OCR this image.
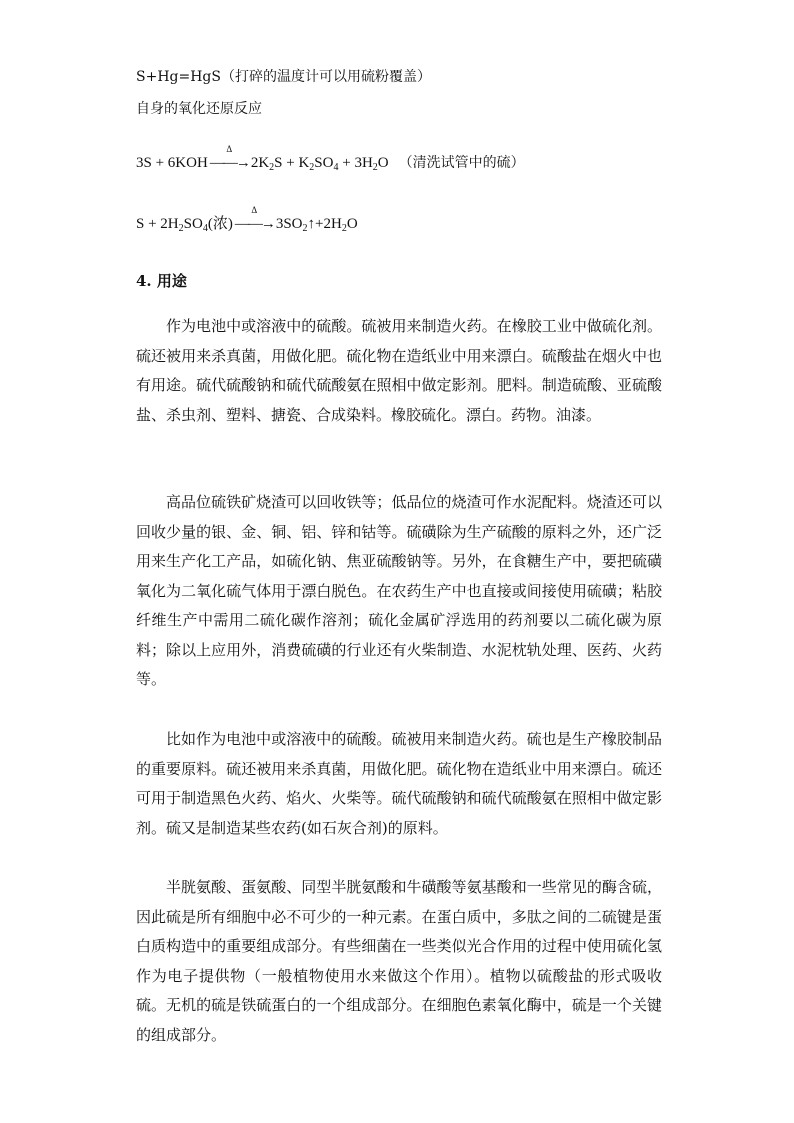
S+Hg=HgS（打碎的温度计可以用硫粉覆盖）
自身的氧化还原反应
3S + 6KOH
Δ
——→ $2K_2S + K_2SO_4 + 3H_2O$ （清洗试管中的硫）
$S + 2H_2SO_4$(浓)
Δ
——→ $3SO_2↑+2H_2O$
4. 用途

作为电池中或溶液中的硫酸。硫被用来制造火药。在橡胶工业中做硫化剂。硫还被用来杀真菌，用做化肥。硫化物在造纸业中用来漂白。硫酸盐在烟火中也有用途。硫代硫酸钠和硫代硫酸氨在照相中做定影剂。肥料。制造硫酸、亚硫酸盐、杀虫剂、塑料、搪瓷、合成染料。橡胶硫化。漂白。药物。油漆。

高品位硫铁矿烧渣可以回收铁等；低品位的烧渣可作水泥配料。烧渣还可以回收少量的银、金、铜、铝、锌和钴等。硫磺除为生产硫酸的原料之外，还广泛用来生产化工产品，如硫化钠、焦亚硫酸钠等。另外，在食糖生产中，要把硫磺氧化为二氧化硫气体用于漂白脱色。在农药生产中也直接或间接使用硫磺；粘胶纤维生产中需用二硫化碳作溶剂；硫化金属矿浮选用的药剂要以二硫化碳为原料；除以上应用外，消费硫磺的行业还有火柴制造、水泥枕轨处理、医药、火药等。

比如作为电池中或溶液中的硫酸。硫被用来制造火药。硫也是生产橡胶制品的重要原料。硫还被用来杀真菌，用做化肥。硫化物在造纸业中用来漂白。硫还可用于制造黑色火药、焰火、火柴等。硫代硫酸钠和硫代硫酸氨在照相中做定影剂。硫又是制造某些农药(如石灰合剂)的原料。

半胱氨酸、蛋氨酸、同型半胱氨酸和牛磺酸等氨基酸和一些常见的酶含硫，因此硫是所有细胞中必不可少的一种元素。在蛋白质中，多肽之间的二硫键是蛋白质构造中的重要组成部分。有些细菌在一些类似光合作用的过程中使用硫化氢作为电子提供物（一般植物使用水来做这个作用）。植物以硫酸盐的形式吸收硫。无机的硫是铁硫蛋白的一个组成部分。在细胞色素氧化酶中，硫是一个关键的组成部分。
